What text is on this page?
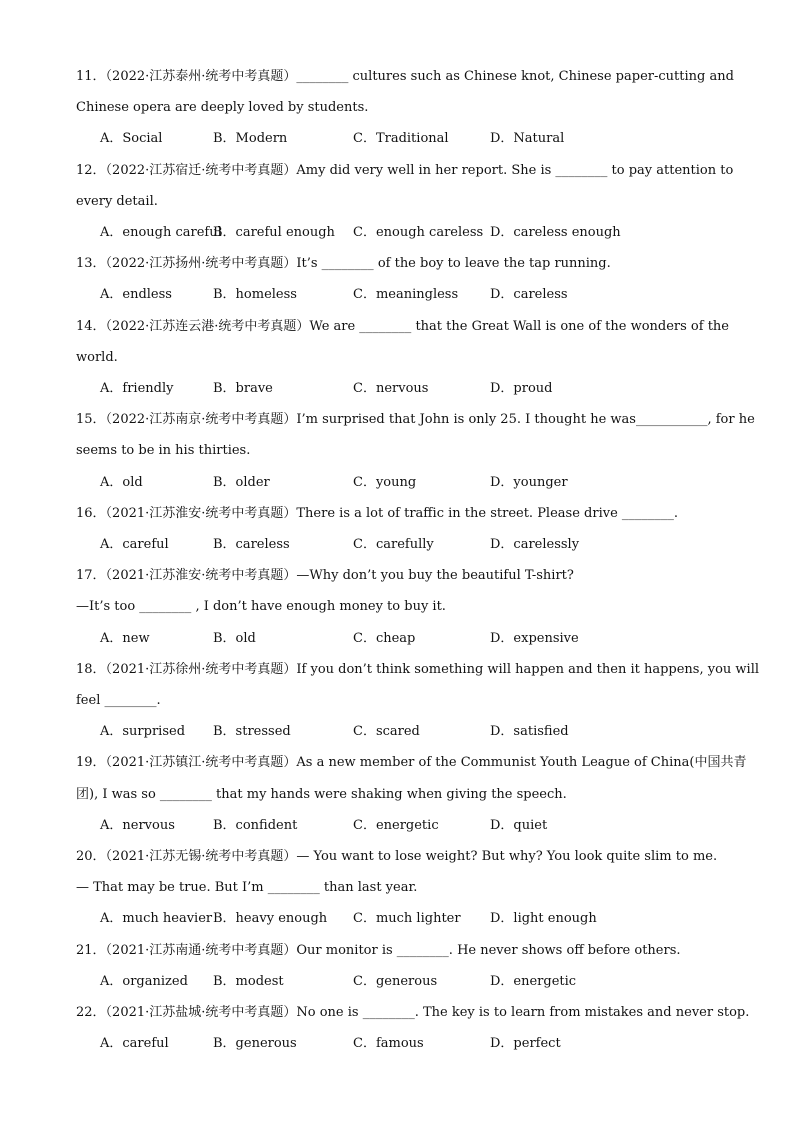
11．（2022·江苏泰州·统考中考真题）________ cultures such as Chinese knot, Chinese paper-cutting and
Chinese opera are deeply loved by students.
A．Social	B．Modern	C．Traditional	D．Natural
12．（2022·江苏宿迁·统考中考真题）Amy did very well in her report. She is ________ to pay attention to
every detail.
A．enough careful
B．careful enough C．enough careless D．careless enough
13．（2022·江苏扬州·统考中考真题）It’s ________ of the boy to leave the tap running.
A．endless	B．homeless	C．meaningless D．careless
14．（2022·江苏连云港·统考中考真题）We are ________ that the Great Wall is one of the wonders of the
world.
A．friendly	B．brave	C．nervous	D．proud
15．（2022·江苏南京·统考中考真题）I’m surprised that John is only 25. I thought he was___________, for he
seems to be in his thirties.
A．old	B．older	C．young	D．younger
16．（2021·江苏淮安·统考中考真题）There is a lot of traffic in the street. Please drive ________.
A．careful	B．careless	C．carefully	D．carelessly
17．（2021·江苏淮安·统考中考真题）—Why don’t you buy the beautiful T-shirt?
—It’s too ________ , I don’t have enough money to buy it.
A．new	B．old	C．cheap	D．expensive
18．（2021·江苏徐州·统考中考真题）If you don’t think something will happen and then it happens, you will
feel ________.
A．surprised B．stressed	C．scared	D．satisfied
19．（2021·江苏镇江·统考中考真题）As a new member of the Communist Youth League of China(中国共青
团), I was so ________ that my hands were shaking when giving the speech.
A．nervous	B．confident	C．energetic	D．quiet
20．（2021·江苏无锡·统考中考真题）— You want to lose weight? But why? You look quite slim to me.
— That may be true. But I’m ________ than last year.
A．much heavier B．heavy enough C．much lighter D．light enough
21．（2021·江苏南通·统考中考真题）Our monitor is ________. He never shows off before others.
A．organized B．modest	C．generous	D．energetic
22．（2021·江苏盐城·统考中考真题）No one is ________. The key is to learn from mistakes and never stop.
A．careful	B．generous	C．famous	D．perfect
